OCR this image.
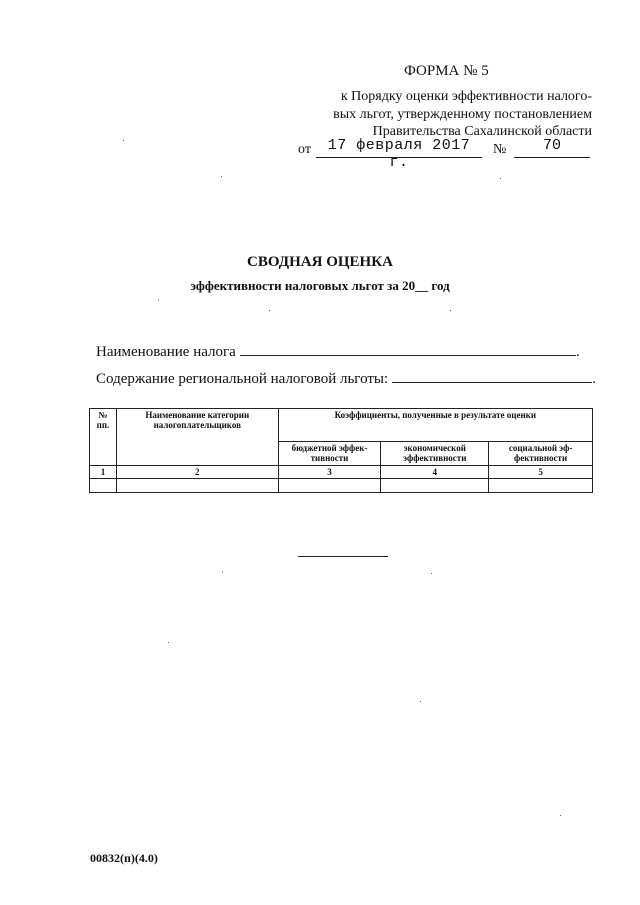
ФОРМА № 5
к Порядку оценки эффективности налого-
вых льгот, утвержденному постановлением
Правительства Сахалинской области
от	17 февраля 2017 г.
№	70
СВОДНАЯ ОЦЕНКА
эффективности налоговых льгот за 20__ год
Наименование налога	.
Содержание региональной налоговой льготы:	.
№ пп.	Наименование категории налогоплательщиков	Коэффициенты, полученные в результате оценки		
		бюджетной эффек- тивности	экономической эффективности	социальной эф- фективности
1	2	3	4	5

00832(п)(4.0)
